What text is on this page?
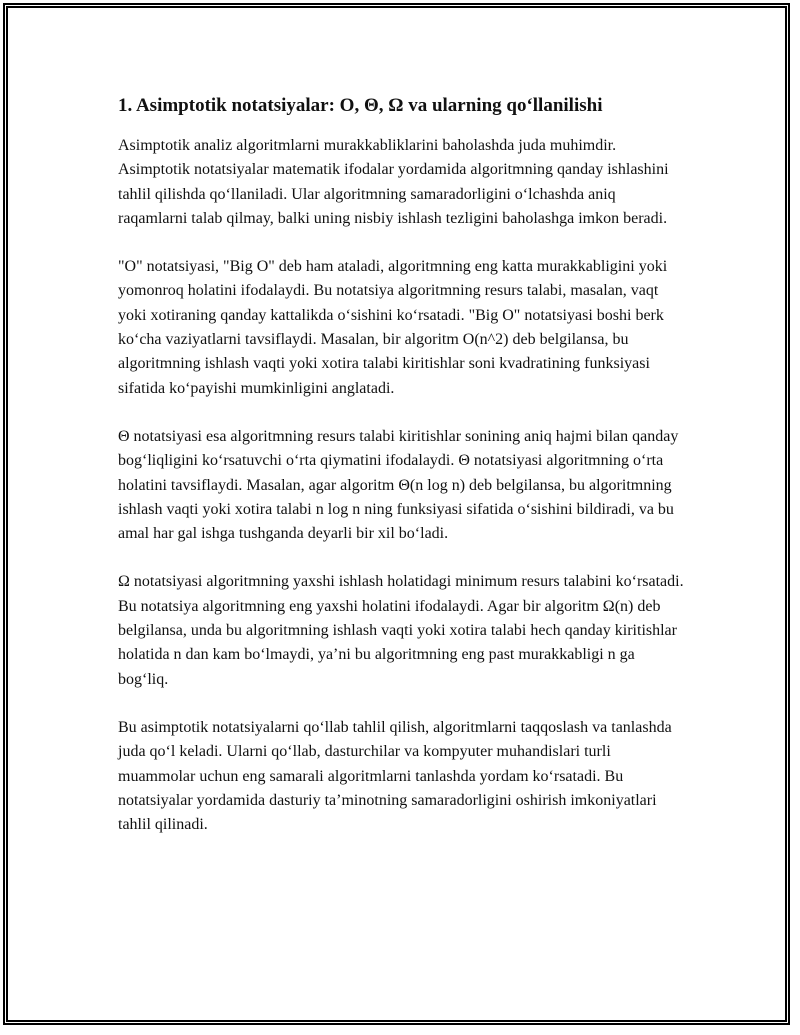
1. Asimptotik notatsiyalar: O, Θ, Ω va ularning qo‘llanilishi

Asimptotik analiz algoritmlarni murakkabliklarini baholashda juda muhimdir. Asimptotik notatsiyalar matematik ifodalar yordamida algoritmning qanday ishlashini tahlil qilishda qo‘llaniladi. Ular algoritmning samaradorligini o‘lchashda aniq raqamlarni talab qilmay, balki uning nisbiy ishlash tezligini baholashga imkon beradi.

"O" notatsiyasi, "Big O" deb ham ataladi, algoritmning eng katta murakkabligini yoki yomonroq holatini ifodalaydi. Bu notatsiya algoritmning resurs talabi, masalan, vaqt yoki xotiraning qanday kattalikda o‘sishini ko‘rsatadi. "Big O" notatsiyasi boshi berk ko‘cha vaziyatlarni tavsiflaydi. Masalan, bir algoritm O(n^2) deb belgilansa, bu algoritmning ishlash vaqti yoki xotira talabi kiritishlar soni kvadratining funksiyasi sifatida ko‘payishi mumkinligini anglatadi.

Θ notatsiyasi esa algoritmning resurs talabi kiritishlar sonining aniq hajmi bilan qanday bog‘liqligini ko‘rsatuvchi o‘rta qiymatini ifodalaydi. Θ notatsiyasi algoritmning o‘rta holatini tavsiflaydi. Masalan, agar algoritm Θ(n log n) deb belgilansa, bu algoritmning ishlash vaqti yoki xotira talabi n log n ning funksiyasi sifatida o‘sishini bildiradi, va bu amal har gal ishga tushganda deyarli bir xil bo‘ladi.

Ω notatsiyasi algoritmning yaxshi ishlash holatidagi minimum resurs talabini ko‘rsatadi. Bu notatsiya algoritmning eng yaxshi holatini ifodalaydi. Agar bir algoritm Ω(n) deb belgilansa, unda bu algoritmning ishlash vaqti yoki xotira talabi hech qanday kiritishlar holatida n dan kam bo‘lmaydi, ya’ni bu algoritmning eng past murakkabligi n ga bog‘liq.

Bu asimptotik notatsiyalarni qo‘llab tahlil qilish, algoritmlarni taqqoslash va tanlashda juda qo‘l keladi. Ularni qo‘llab, dasturchilar va kompyuter muhandislari turli muammolar uchun eng samarali algoritmlarni tanlashda yordam ko‘rsatadi. Bu notatsiyalar yordamida dasturiy ta’minotning samaradorligini oshirish imkoniyatlari tahlil qilinadi.
